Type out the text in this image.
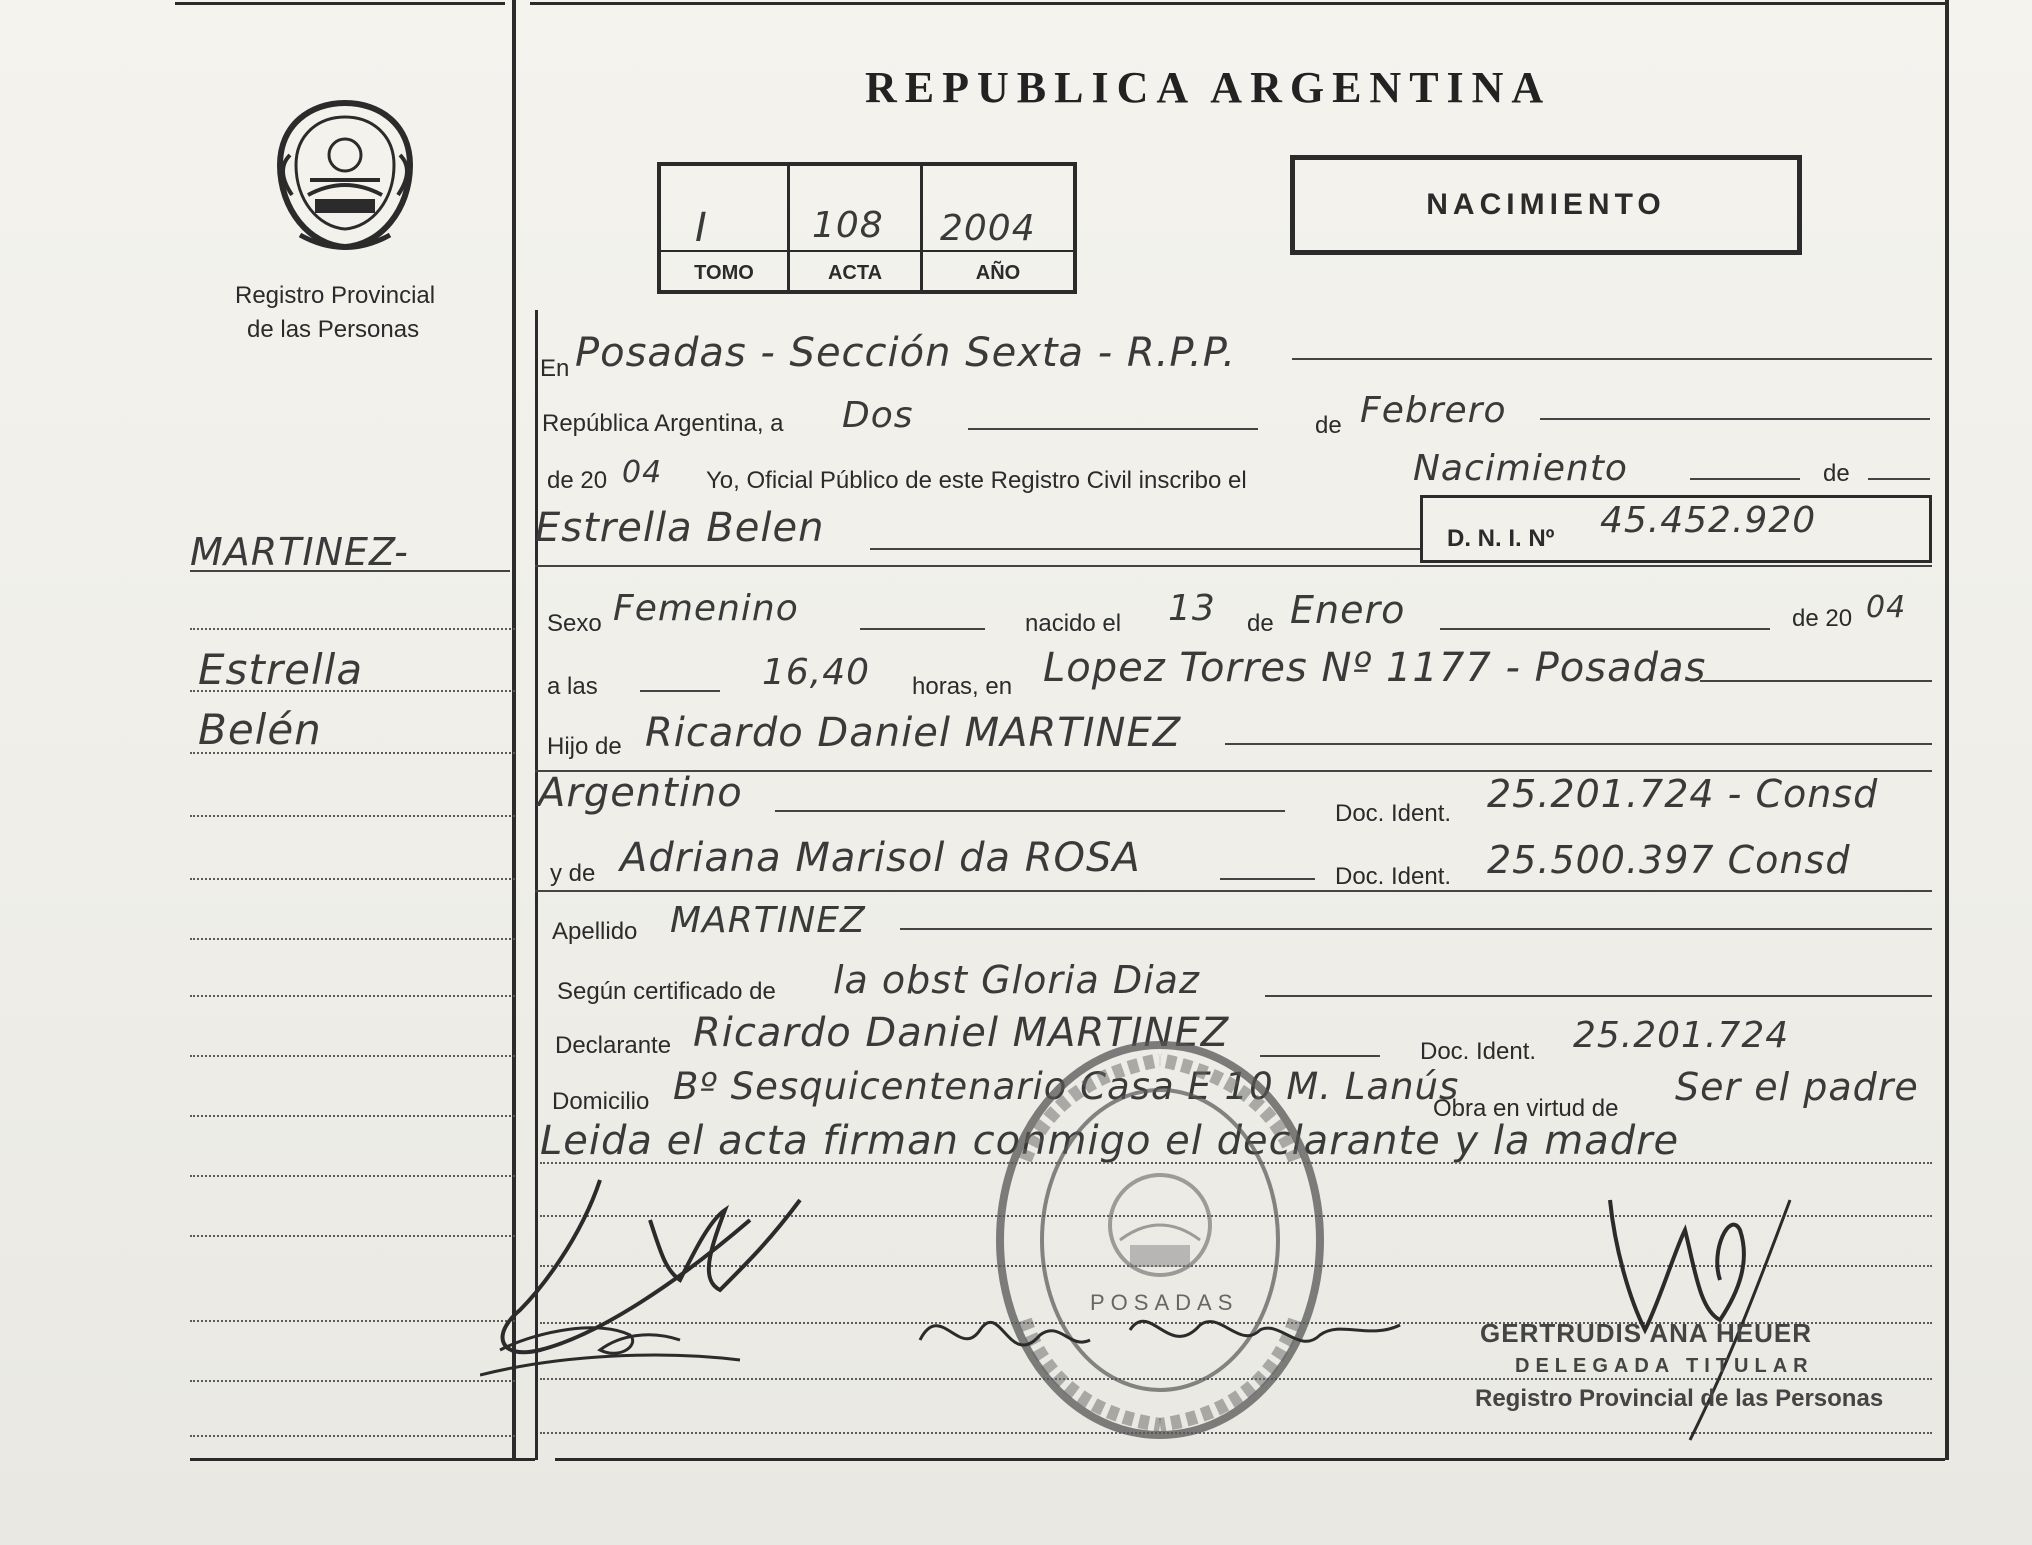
Registro Provincial
de las Personas
MARTINEZ-
Estrella
Belén
REPUBLICA ARGENTINA
I	108 2004
TOMO	ACTA	AÑO
NACIMIENTO
En Posadas - Sección Sexta - R.P.P.
República Argentina, a Dos	de Febrero
de 20 04 Yo, Oficial Público de este Registro Civil inscribo el	Nacimiento	de
Estrella Belen	D. N. I. Nº 45.452.920
Sexo Femenino	nacido el 13 de Enero	de 20 04
a las	16,40 horas, en Lopez Torres Nº 1177 - Posadas
Hijo de Ricardo Daniel MARTINEZ
Argentino	Doc. Ident. 25.201.724 - Consd
y de Adriana Marisol da ROSA	Doc. Ident. 25.500.397 Consd
Apellido MARTINEZ
Según certificado de la obst Gloria Diaz
Declarante Ricardo Daniel MARTINEZ	Doc. Ident. 25.201.724
Domicilio Bº Sesquicentenario Casa E 10 M. Lanús
Obra en virtud de Ser el padre
Leida el acta firman conmigo el declarante y la madre
POSADAS
GERTRUDIS ANA HEUER
DELEGADA TITULAR
Registro Provincial de las Personas
